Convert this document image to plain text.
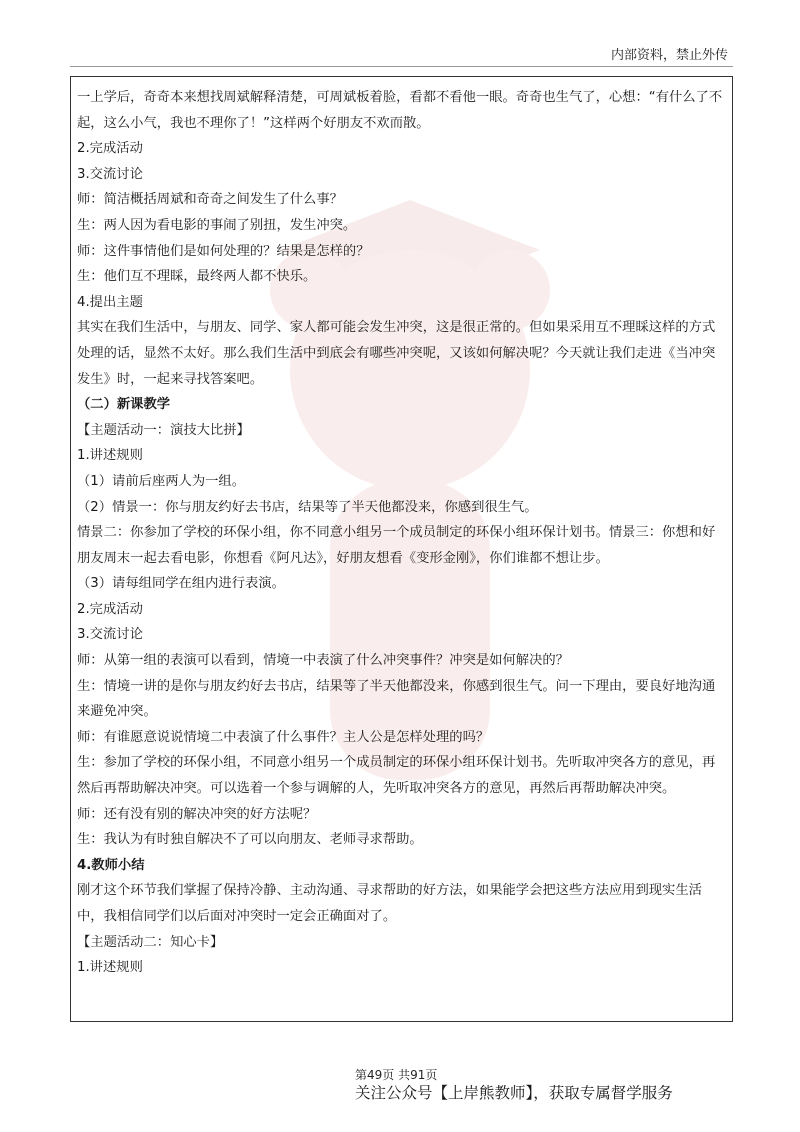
内部资料，禁止外传

一上学后，奇奇本来想找周斌解释清楚，可周斌板着脸，看都不看他一眼。奇奇也生气了，心想：“有什么了不起，这么小气，我也不理你了！”这样两个好朋友不欢而散。

2.完成活动

3.交流讨论

师：简洁概括周斌和奇奇之间发生了什么事？

生：两人因为看电影的事闹了别扭，发生冲突。

师：这件事情他们是如何处理的？结果是怎样的？

生：他们互不理睬，最终两人都不快乐。

4.提出主题

其实在我们生活中，与朋友、同学、家人都可能会发生冲突，这是很正常的。但如果采用互不理睬这样的方式处理的话，显然不太好。那么我们生活中到底会有哪些冲突呢，又该如何解决呢？今天就让我们走进《当冲突发生》时，一起来寻找答案吧。

（二）新课教学

【主题活动一：演技大比拼】

1.讲述规则

（1）请前后座两人为一组。

（2）情景一：你与朋友约好去书店，结果等了半天他都没来，你感到很生气。

情景二：你参加了学校的环保小组，你不同意小组另一个成员制定的环保小组环保计划书。情景三：你想和好朋友周末一起去看电影，你想看《阿凡达》，好朋友想看《变形金刚》，你们谁都不想让步。

（3）请每组同学在组内进行表演。

2.完成活动

3.交流讨论

师：从第一组的表演可以看到，情境一中表演了什么冲突事件？冲突是如何解决的？

生：情境一讲的是你与朋友约好去书店，结果等了半天他都没来，你感到很生气。问一下理由，要良好地沟通来避免冲突。

师：有谁愿意说说情境二中表演了什么事件？主人公是怎样处理的吗？

生：参加了学校的环保小组，不同意小组另一个成员制定的环保小组环保计划书。先听取冲突各方的意见，再然后再帮助解决冲突。可以选着一个参与调解的人，先听取冲突各方的意见，再然后再帮助解决冲突。

师：还有没有别的解决冲突的好方法呢？

生：我认为有时独自解决不了可以向朋友、老师寻求帮助。

4.教师小结

刚才这个环节我们掌握了保持冷静、主动沟通、寻求帮助的好方法，如果能学会把这些方法应用到现实生活中，我相信同学们以后面对冲突时一定会正确面对了。

【主题活动二：知心卡】

1.讲述规则

第49页 共91页
关注公众号【上岸熊教师】，获取专属督学服务
